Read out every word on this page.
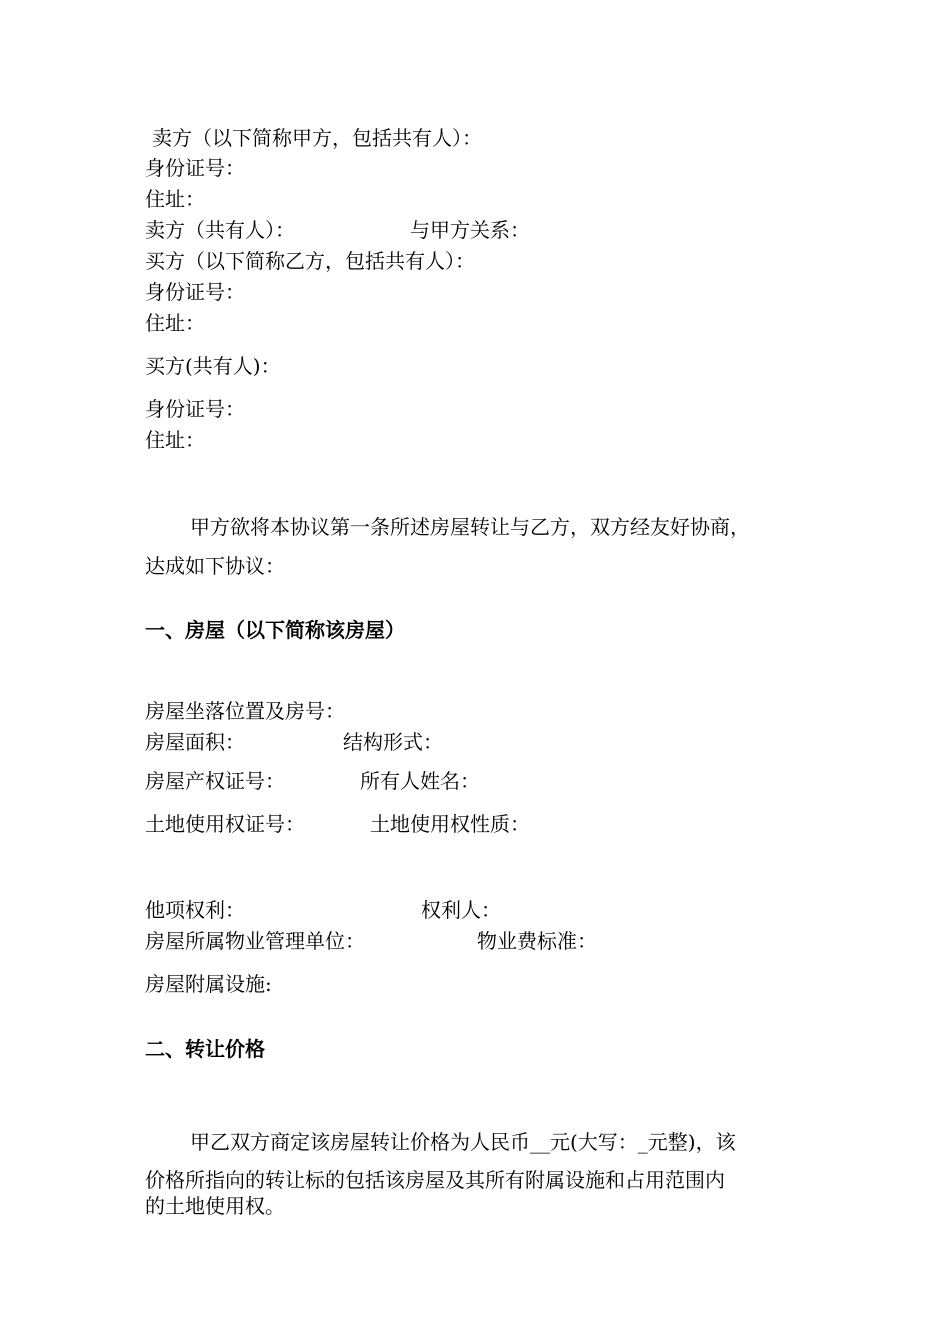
卖方（以下简称甲方，包括共有人）：
身份证号：
住址：
卖方（共有人）：	与甲方关系：
买方（以下简称乙方，包括共有人）：
身份证号：
住址：
买方(共有人)：
身份证号：
住址：
甲方欲将本协议第一条所述房屋转让与乙方，双方经友好协商，
达成如下协议：
一、房屋（以下简称该房屋）
房屋坐落位置及房号：
房屋面积：	结构形式：
房屋产权证号：	所有人姓名：
土地使用权证号：	土地使用权性质：
他项权利：	权利人：
房屋所属物业管理单位：	物业费标准：
房屋附属设施:
二、转让价格
甲乙双方商定该房屋转让价格为人民币__元(大写：_元整)，该
价格所指向的转让标的包括该房屋及其所有附属设施和占用范围内
的土地使用权。
